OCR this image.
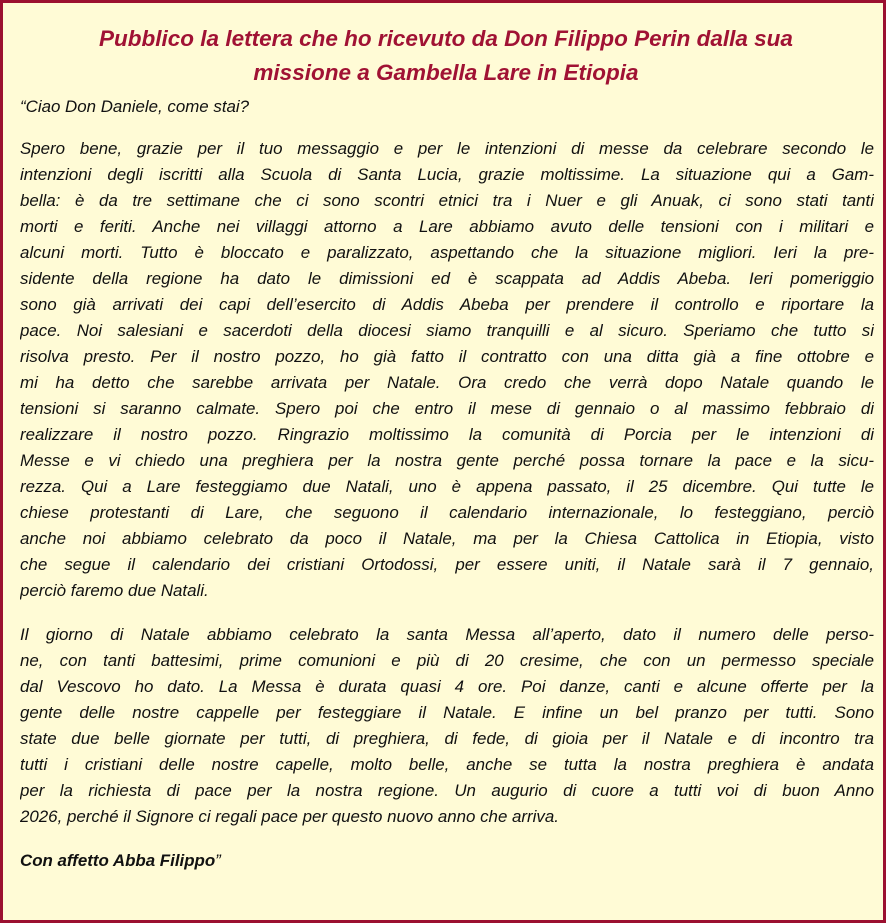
Pubblico la lettera che ho ricevuto da Don Filippo Perin dalla sua
missione a Gambella Lare in Etiopia
“Ciao Don Daniele, come stai?
Spero bene, grazie per il tuo messaggio e per le intenzioni di messe da celebrare secondo le
intenzioni degli iscritti alla Scuola di Santa Lucia, grazie moltissime. La situazione qui a Gam-
bella: è da tre settimane che ci sono scontri etnici tra i Nuer e gli Anuak, ci sono stati tanti
morti e feriti. Anche nei villaggi attorno a Lare abbiamo avuto delle tensioni con i militari e
alcuni morti. Tutto è bloccato e paralizzato, aspettando che la situazione migliori. Ieri la pre-
sidente della regione ha dato le dimissioni ed è scappata ad Addis Abeba. Ieri pomeriggio
sono già arrivati dei capi dell’esercito di Addis Abeba per prendere il controllo e riportare la
pace. Noi salesiani e sacerdoti della diocesi siamo tranquilli e al sicuro. Speriamo che tutto si
risolva presto. Per il nostro pozzo, ho già fatto il contratto con una ditta già a fine ottobre e
mi ha detto che sarebbe arrivata per Natale. Ora credo che verrà dopo Natale quando le
tensioni si saranno calmate. Spero poi che entro il mese di gennaio o al massimo febbraio di
realizzare il nostro pozzo. Ringrazio moltissimo la comunità di Porcia per le intenzioni di
Messe e vi chiedo una preghiera per la nostra gente perché possa tornare la pace e la sicu-
rezza. Qui a Lare festeggiamo due Natali, uno è appena passato, il 25 dicembre. Qui tutte le
chiese protestanti di Lare, che seguono il calendario internazionale, lo festeggiano, perciò
anche noi abbiamo celebrato da poco il Natale, ma per la Chiesa Cattolica in Etiopia, visto
che segue il calendario dei cristiani Ortodossi, per essere uniti, il Natale sarà il 7 gennaio,
perciò faremo due Natali.
Il giorno di Natale abbiamo celebrato la santa Messa all’aperto, dato il numero delle perso-
ne, con tanti battesimi, prime comunioni e più di 20 cresime, che con un permesso speciale
dal Vescovo ho dato. La Messa è durata quasi 4 ore. Poi danze, canti e alcune offerte per la
gente delle nostre cappelle per festeggiare il Natale. E infine un bel pranzo per tutti. Sono
state due belle giornate per tutti, di preghiera, di fede, di gioia per il Natale e di incontro tra
tutti i cristiani delle nostre capelle, molto belle, anche se tutta la nostra preghiera è andata
per la richiesta di pace per la nostra regione. Un augurio di cuore a tutti voi di buon Anno
2026, perché il Signore ci regali pace per questo nuovo anno che arriva.
Con affetto Abba Filippo”
